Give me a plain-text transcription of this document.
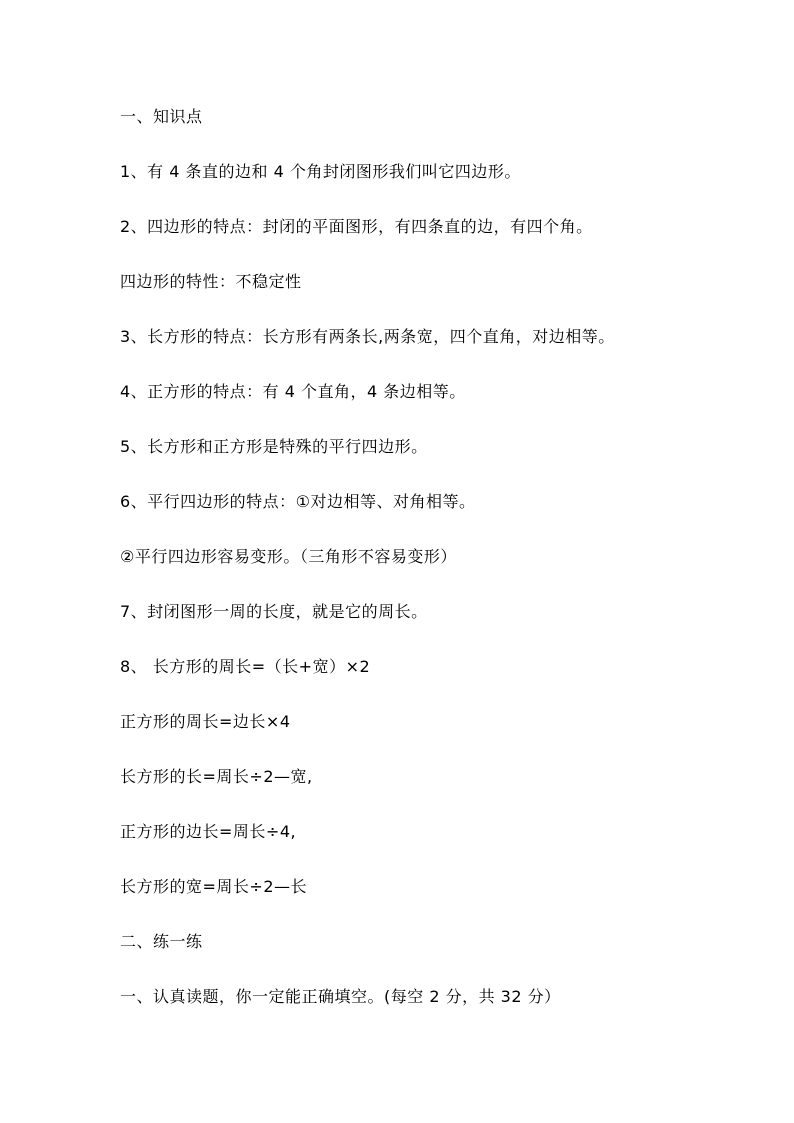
一、知识点
1、有 4 条直的边和 4 个角封闭图形我们叫它四边形。
2、四边形的特点：封闭的平面图形，有四条直的边，有四个角。
四边形的特性：不稳定性
3、长方形的特点：长方形有两条长,两条宽，四个直角，对边相等。
4、正方形的特点：有 4 个直角，4 条边相等。
5、长方形和正方形是特殊的平行四边形。
6、平行四边形的特点：①对边相等、对角相等。
②平行四边形容易变形。（三角形不容易变形）
7、封闭图形一周的长度，就是它的周长。
8、 长方形的周长=（长+宽）×2
正方形的周长=边长×4
长方形的长=周长÷2—宽,
正方形的边长=周长÷4,
长方形的宽=周长÷2—长
二、练一练
一、认真读题，你一定能正确填空。(每空 2 分，共 32 分）
